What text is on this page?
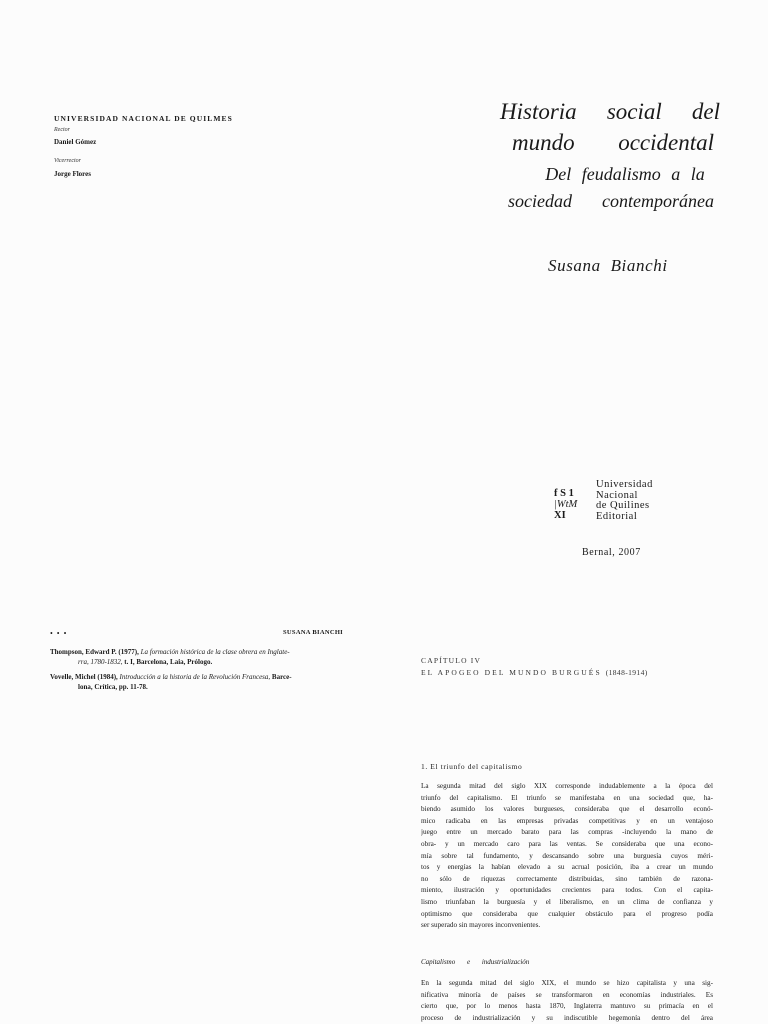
UNIVERSIDAD NACIONAL DE QUILMES
Rector
Daniel Gómez
Vicerrector
Jorge Flores
Historia social del
mundo occidental
Del feudalismo a la
sociedad contemporánea
Susana Bianchi
f S 1
|WtM
XI
Universidad
Nacional
de Quilines
Editorial
Bernal, 2007
• • •	SUSANA BIANCHI
Thompson, Edward P. (1977), La formación histórica de la clase obrera en Inglate-
rra, 1780-1832, t. I, Barcelona, Laia, Prólogo.
Vovelle, Michel (1984), Introducción a la historia de la Revolución Francesa, Barce-
lona, Crítica, pp. 11-78.
CAPÍTULO IV
EL APOGEO DEL MUNDO BURGUÉS (1848-1914)
1. El triunfo del capitalismo
La segunda mitad del siglo XIX corresponde indudablemente a la época del
triunfo del capitalismo. El triunfo se manifestaba en una sociedad que, ha-
biendo asumido los valores burgueses, consideraba que el desarrollo econó-
mico radicaba en las empresas privadas competitivas y en un ventajoso
juego entre un mercado barato para las compras -incluyendo la mano de
obra- y un mercado caro para las ventas. Se consideraba que una econo-
mía sobre tal fundamento, y descansando sobre una burguesía cuyos méri-
tos y energías la habían elevado a su acrual posición, iba a crear un mundo
no sólo de riquezas correctamente distribuidas, sino también de razona-
miento, ilustración y oportunidades crecientes para todos. Con el capita-
lismo triunfaban la burguesía y el liberalismo, en un clima de confianza y
optimismo que consideraba que cualquier obstáculo para el progreso podía
ser superado sin mayores inconvenientes.
Capitalismo e industrialización
En la segunda mitad del siglo XIX, el mundo se hizo capitalista y una sig-
nificativa minoría de países se transformaron en economías industriales. Es
cierto que, por lo menos hasta 1870, Inglaterra mantuvo su primacía en el
proceso de industrialización y su indiscutible hegemonía dentro del área
